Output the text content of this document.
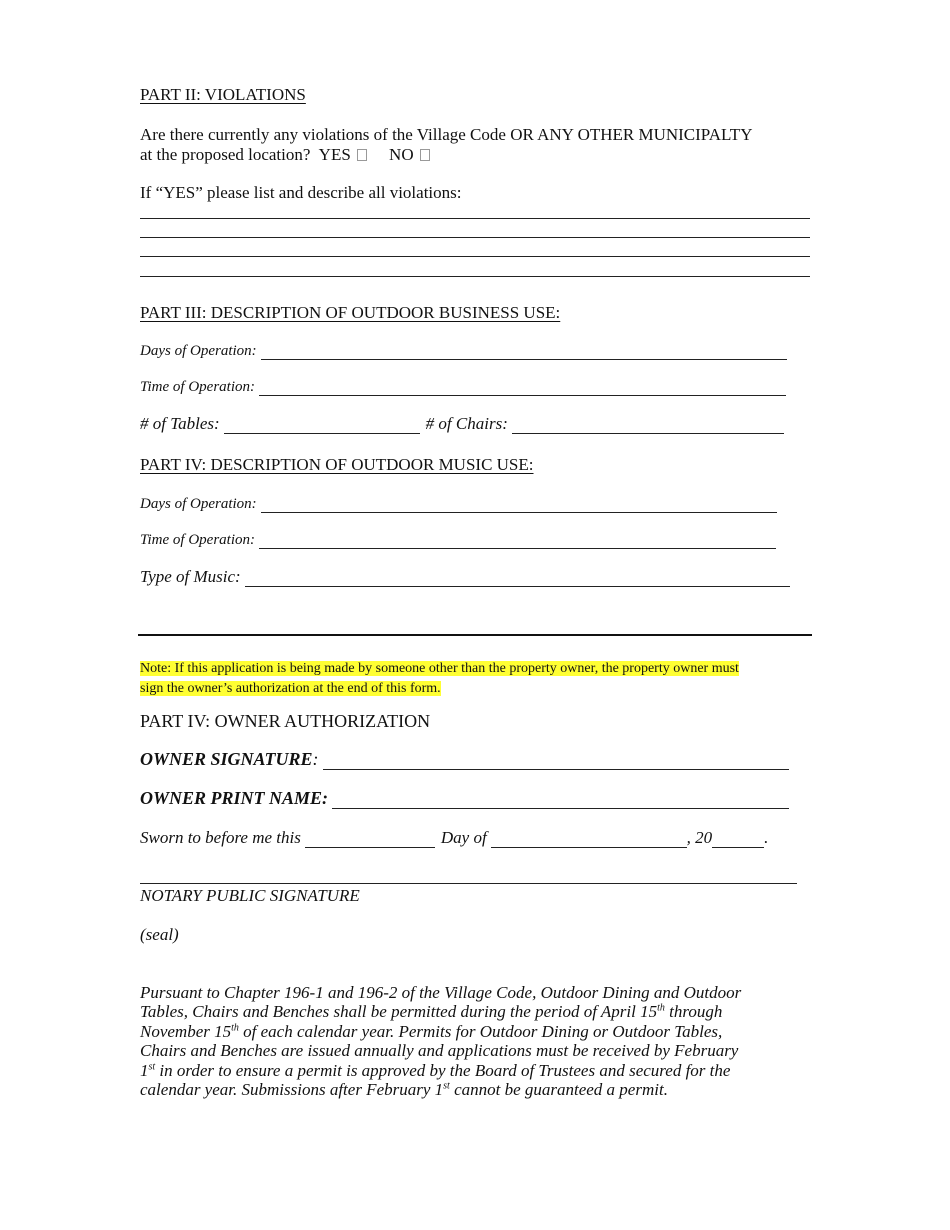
PART II: VIOLATIONS
Are there currently any violations of the Village Code OR ANY OTHER MUNICIPALTY
at the proposed location? YES NO
If “YES” please list and describe all violations:
PART III: DESCRIPTION OF OUTDOOR BUSINESS USE:
Days of Operation:
Time of Operation:
# of Tables:	# of Chairs:
PART IV: DESCRIPTION OF OUTDOOR MUSIC USE:
Days of Operation:
Time of Operation:
Type of Music:
Note: If this application is being made by someone other than the property owner, the property owner must
sign the owner’s authorization at the end of this form.
PART IV: OWNER AUTHORIZATION
OWNER SIGNATURE :
OWNER PRINT NAME:
Sworn to before me this	Day of	, 20	.
NOTARY PUBLIC SIGNATURE
(seal)
Pursuant to Chapter 196-1 and 196-2 of the Village Code, Outdoor Dining and Outdoor
Tables, Chairs and Benches shall be permitted during the period of April 15th through
November 15th of each calendar year. Permits for Outdoor Dining or Outdoor Tables,
Chairs and Benches are issued annually and applications must be received by February
1st in order to ensure a permit is approved by the Board of Trustees and secured for the
calendar year. Submissions after February 1st cannot be guaranteed a permit.
